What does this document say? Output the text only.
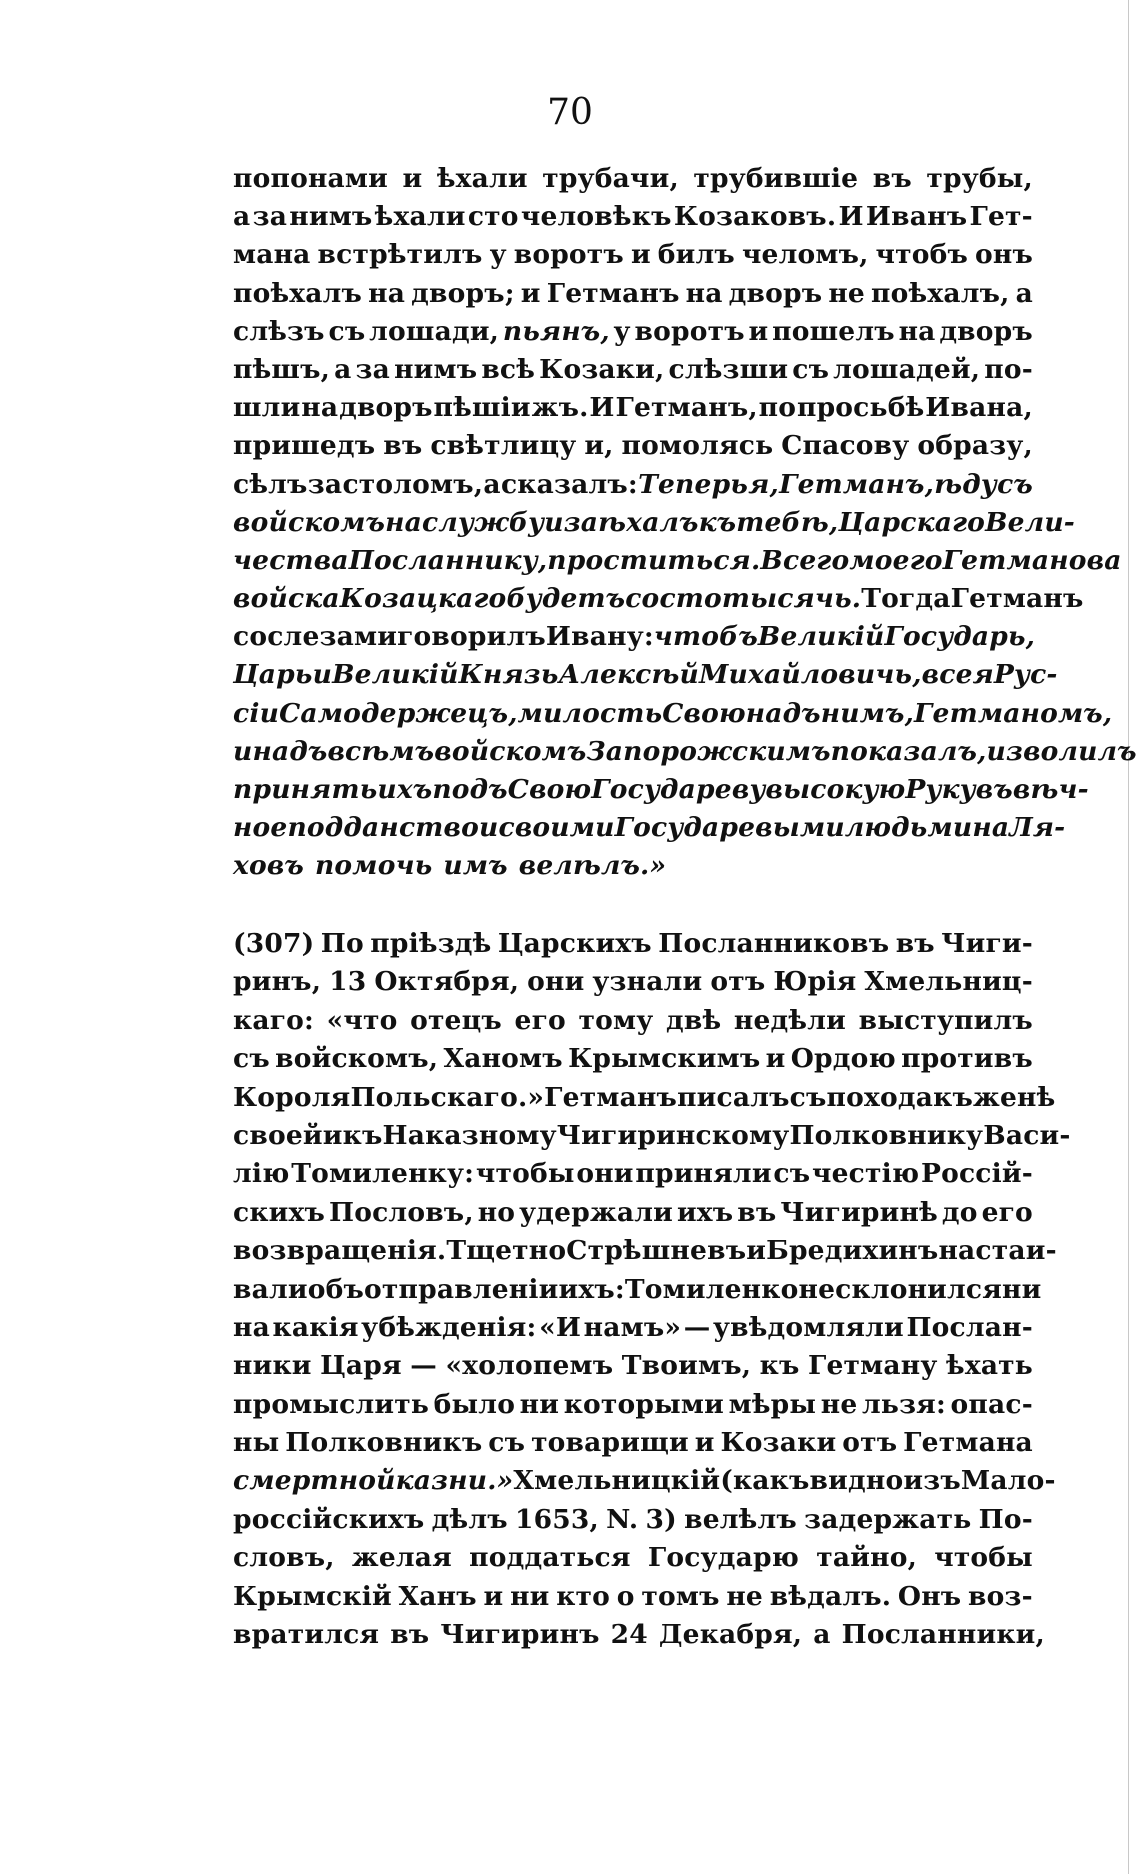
70
попонами и ѣхали трубачи, трубившіе въ трубы,
а за нимъ ѣхали сто человѣкъ Козаковъ. И Иванъ Гет-
мана встрѣтилъ у воротъ и билъ челомъ, чтобъ онъ
поѣхалъ на дворъ; и Гетманъ на дворъ не поѣхалъ, а
слѣзъ съ лошади, пьянъ, у воротъ и пошелъ на дворъ
пѣшъ, а за нимъ всѣ Козаки, слѣзши съ лошадей, по-
шли на дворъ пѣшіи жъ. И Гетманъ, по просьбѣ Ивана,
пришедъ въ свѣтлицу и, помолясь Спасову образу,
сѣлъ за столомъ, а сказалъ: Теперь я, Гетманъ, ѣду съ
войскомъ на службу и заѣхалъ къ тебѣ, Царскаго Вели-
чества Посланнику, проститься. Всего моего Гетманова
войска Козацкаго будетъ со сто тысячь. Тогда Гетманъ
со слезами говорилъ Ивану: чтобъ Великій Государь,
Царь и Великій Князь Алексѣй Михайловичь, всея Рус-
сіи Самодержецъ, милость Свою надъ нимъ, Гетманомъ,
и надъ всѣмъ войскомъ Запорожскимъ показалъ, изволилъ
принять ихъ подъ Свою Государеву высокую Руку въ вѣч-
ное подданство и своими Государевыми людьми на Ля-
ховъ помочь имъ велѣлъ.»
(307) По пріѣздѣ Царскихъ Посланниковъ въ Чиги-
ринъ, 13 Октября, они узнали отъ Юрія Хмельниц-
каго: «что отецъ его тому двѣ недѣли выступилъ
съ войскомъ, Ханомъ Крымскимъ и Ордою противъ
Короля Польскаго.» Гетманъ писалъ съ похода къ женѣ
своей и къ Наказному Чигиринскому Полковнику Васи-
лію Томиленку: чтобы они приняли съ честію Россій-
скихъ Пословъ, но удержали ихъ въ Чигиринѣ до его
возвращенія. Тщетно Стрѣшневъ и Бредихинъ настаи-
вали объ отправленіи ихъ: Томиленко не склонился ни
на какія убѣжденія: «И намъ» — увѣдомляли Послан-
ники Царя — «холопемъ Твоимъ, къ Гетману ѣхать
промыслить было ни которыми мѣры не льзя: опас-
ны Полковникъ съ товарищи и Козаки отъ Гетмана
смертной казни.» Хмельницкій (какъ видно изъ Мало-
россійскихъ дѣлъ 1653, N. 3) велѣлъ задержать По-
словъ, желая поддаться Государю тайно, чтобы
Крымскій Ханъ и ни кто о томъ не вѣдалъ. Онъ воз-
вратился въ Чигиринъ 24 Декабря, а Посланники,
